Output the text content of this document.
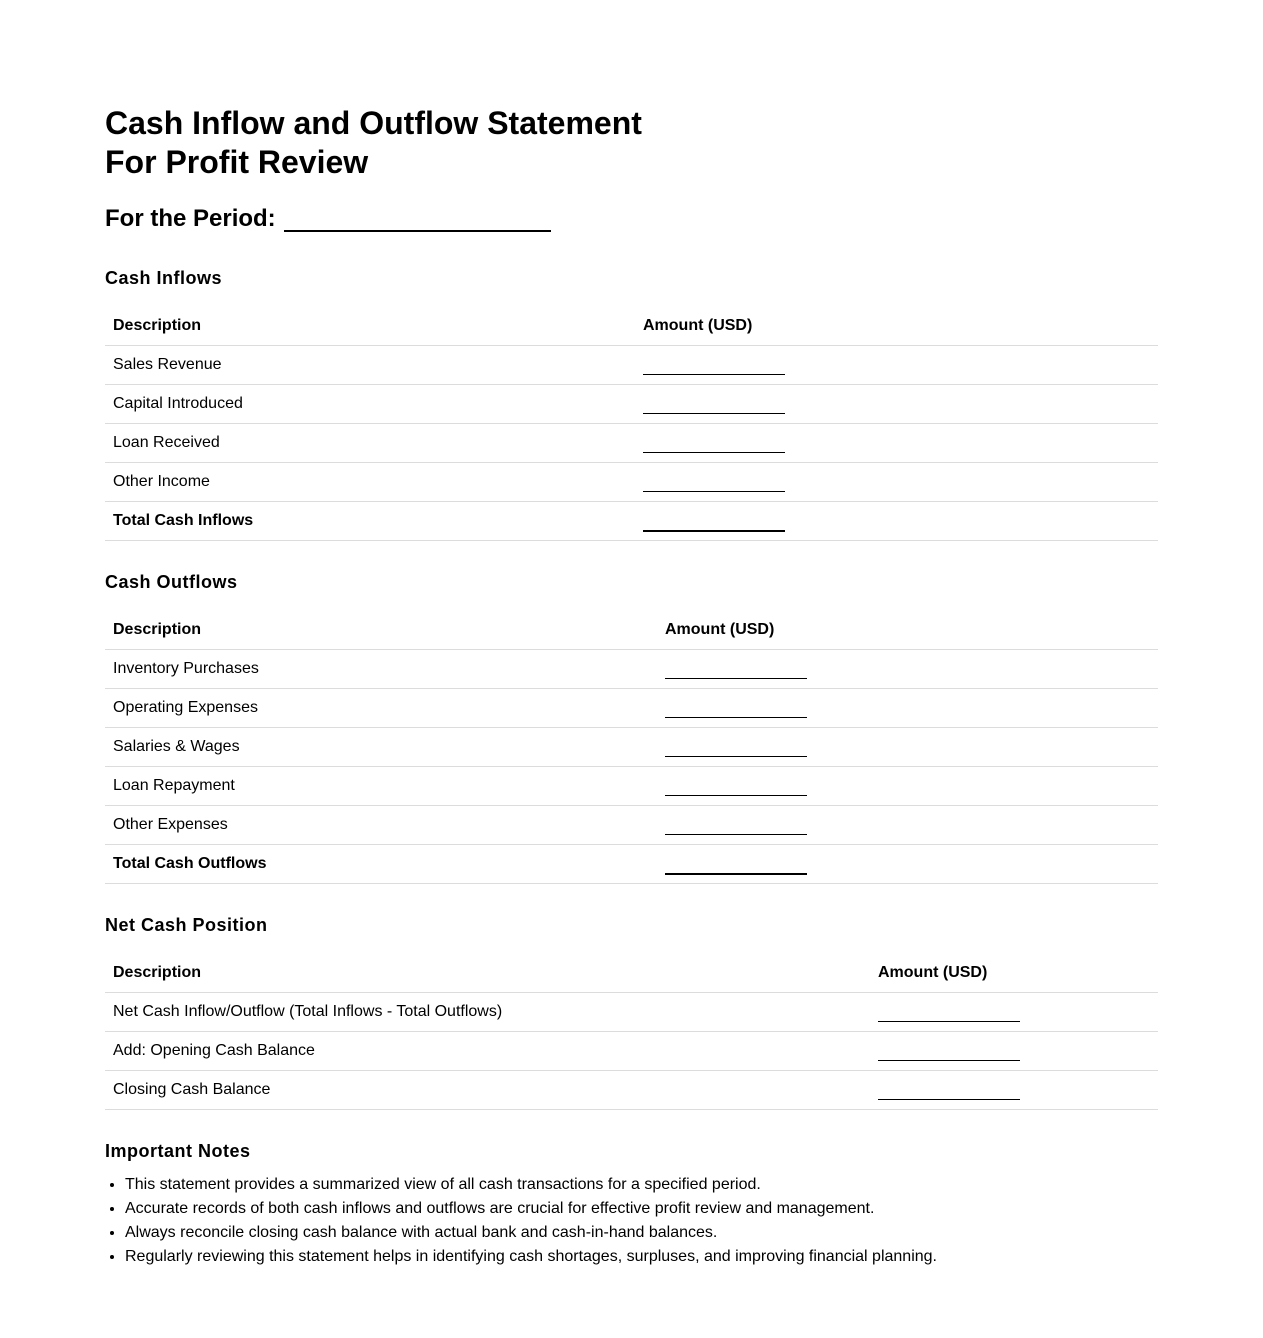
Cash Inflow and Outflow Statement
For Profit Review
For the Period:
Cash Inflows
Description	Amount (USD)
Sales Revenue	
Capital Introduced	
Loan Received	
Other Income	
Total Cash Inflows	
Cash Outflows
Description	Amount (USD)
Inventory Purchases	
Operating Expenses	
Salaries & Wages	
Loan Repayment	
Other Expenses	
Total Cash Outflows	
Net Cash Position
Description	Amount (USD)
Net Cash Inflow/Outflow (Total Inflows - Total Outflows)	
Add: Opening Cash Balance	
Closing Cash Balance	
Important Notes
• This statement provides a summarized view of all cash transactions for a specified period.
• Accurate records of both cash inflows and outflows are crucial for effective profit review and management.
• Always reconcile closing cash balance with actual bank and cash-in-hand balances.
• Regularly reviewing this statement helps in identifying cash shortages, surpluses, and improving financial planning.
